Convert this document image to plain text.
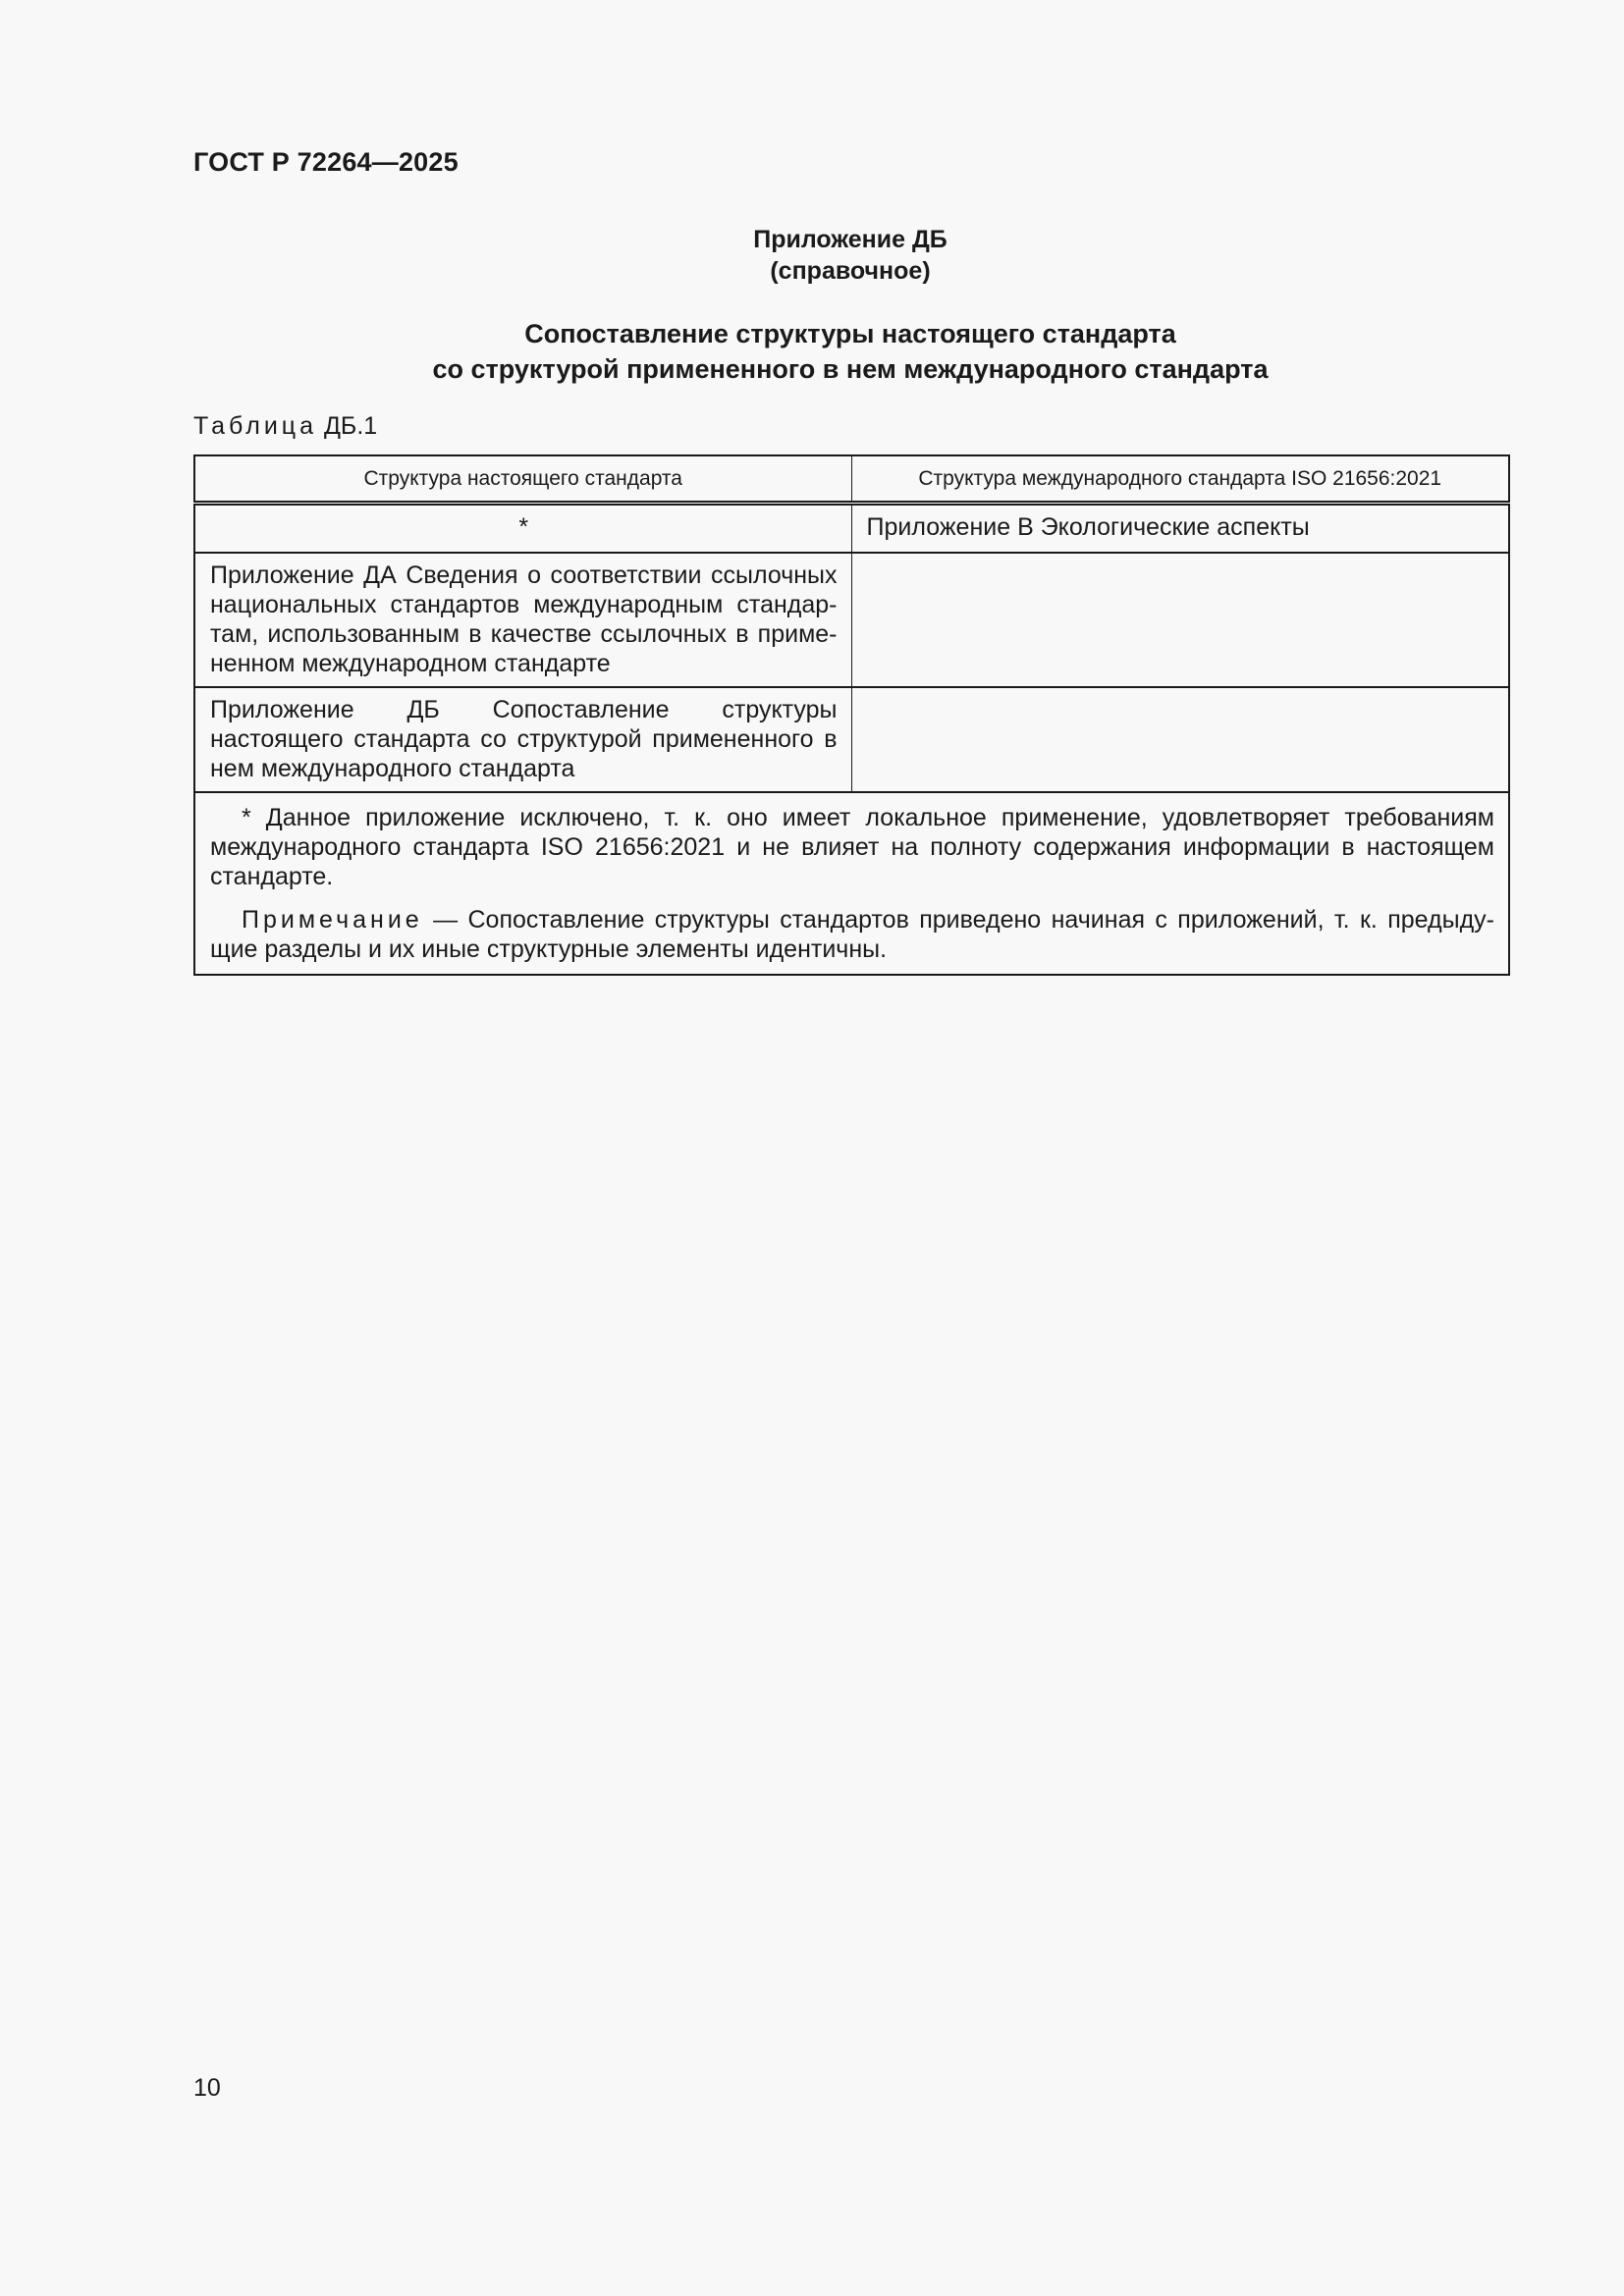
ГОСТ Р 72264—2025
Приложение ДБ
(справочное)
Сопоставление структуры настоящего стандарта
со структурой примененного в нем международного стандарта
Таблица ДБ.1
Структура настоящего стандарта	Структура международного стандарта ISO 21656:2021
*	Приложение В Экологические аспекты
Приложение ДА Сведения о соответствии ссылочных национальных стандартов международным стандартам, использованным в качестве ссылочных в примененном международном стандарте	
Приложение ДБ Сопоставление структуры настоящего стандарта со структурой примененного в нем международного стандарта	

* Данное приложение исключено, т. к. оно имеет локальное применение, удовлетворяет требованиям международного стандарта ISO 21656:2021 и не влияет на полноту содержания информации в настоящем стандарте.

Примечание — Сопоставление структуры стандартов приведено начиная с приложений, т. к. предыдущие разделы и их иные структурные элементы идентичны.	

10
